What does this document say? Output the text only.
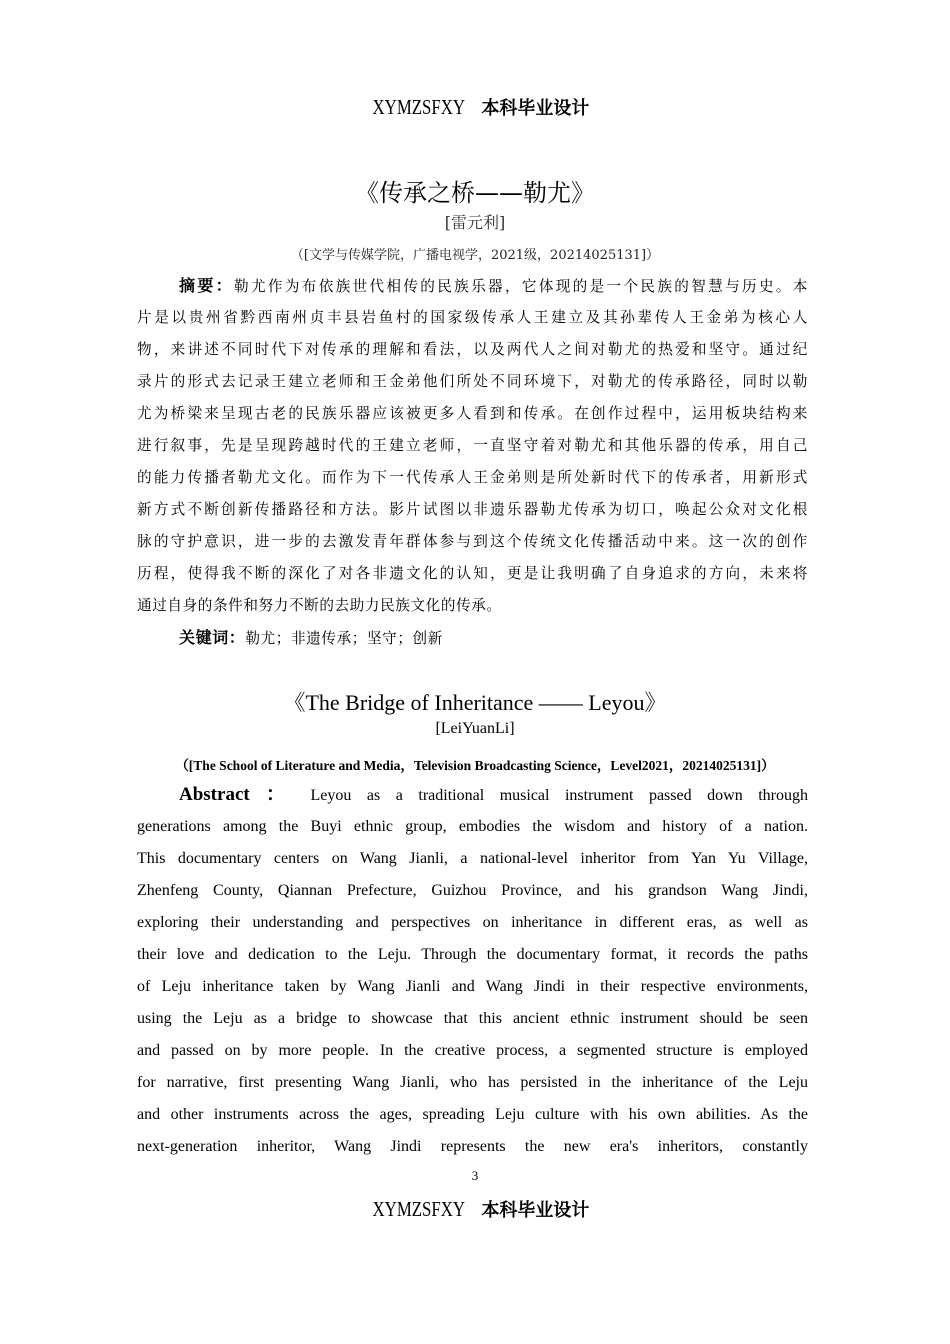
XYMZSFXY 本科毕业设计
《传承之桥——勒尤》
[雷元利]
（[文学与传媒学院，广播电视学，2021级，20214025131]）
摘要：勒尤作为布依族世代相传的民族乐器，它体现的是一个民族的智慧与历史。本
片是以贵州省黔西南州贞丰县岩鱼村的国家级传承人王建立及其孙辈传人王金弟为核心人
物，来讲述不同时代下对传承的理解和看法，以及两代人之间对勒尤的热爱和坚守。通过纪
录片的形式去记录王建立老师和王金弟他们所处不同环境下，对勒尤的传承路径，同时以勒
尤为桥梁来呈现古老的民族乐器应该被更多人看到和传承。在创作过程中，运用板块结构来
进行叙事，先是呈现跨越时代的王建立老师，一直坚守着对勒尤和其他乐器的传承，用自己
的能力传播者勒尤文化。而作为下一代传承人王金弟则是所处新时代下的传承者，用新形式
新方式不断创新传播路径和方法。影片试图以非遗乐器勒尤传承为切口，唤起公众对文化根
脉的守护意识，进一步的去激发青年群体参与到这个传统文化传播活动中来。这一次的创作
历程，使得我不断的深化了对各非遗文化的认知，更是让我明确了自身追求的方向，未来将
通过自身的条件和努力不断的去助力民族文化的传承。
关键词：勒尤；非遗传承；坚守；创新
《The Bridge of Inheritance —— Leyou》
[LeiYuanLi]
（[The School of Literature and Media，Television Broadcasting Science，Level2021，20214025131]）
Abstract ： Leyou as a traditional musical instrument passed down through
generations among the Buyi ethnic group, embodies the wisdom and history of a nation.
This documentary centers on Wang Jianli, a national-level inheritor from Yan Yu Village,
Zhenfeng County, Qiannan Prefecture, Guizhou Province, and his grandson Wang Jindi,
exploring their understanding and perspectives on inheritance in different eras, as well as
their love and dedication to the Leju. Through the documentary format, it records the paths
of Leju inheritance taken by Wang Jianli and Wang Jindi in their respective environments,
using the Leju as a bridge to showcase that this ancient ethnic instrument should be seen
and passed on by more people. In the creative process, a segmented structure is employed
for narrative, first presenting Wang Jianli, who has persisted in the inheritance of the Leju
and other instruments across the ages, spreading Leju culture with his own abilities. As the
next-generation inheritor, Wang Jindi represents the new era's inheritors, constantly
3
XYMZSFXY 本科毕业设计
